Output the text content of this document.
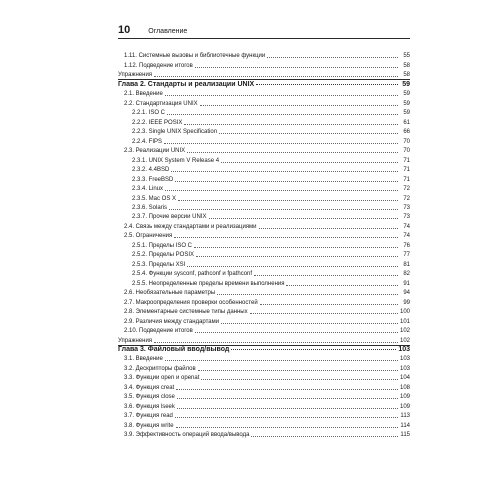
10	Оглавление
1.11. Системные вызовы и библиотечные функции	55
1.12. Подведение итогов	58
Упражнения	58
Глава 2. Стандарты и реализации UNIX	59
2.1. Введение	59
2.2. Стандартизация UNIX	59
2.2.1. ISO C	59
2.2.2. IEEE POSIX	61
2.2.3. Single UNIX Specification	66
2.2.4. FIPS	70
2.3. Реализации UNIX	70
2.3.1. UNIX System V Release 4	71
2.3.2. 4.4BSD	71
2.3.3. FreeBSD	71
2.3.4. Linux	72
2.3.5. Mac OS X	72
2.3.6. Solaris	73
2.3.7. Прочие версии UNIX	73
2.4. Связь между стандартами и реализациями	74
2.5. Ограничения	74
2.5.1. Пределы ISO C	76
2.5.2. Пределы POSIX	77
2.5.3. Пределы XSI	81
2.5.4. Функции sysconf, pathconf и fpathconf	82
2.5.5. Неопределенные пределы времени выполнения	91
2.6. Необязательные параметры	94
2.7. Макроопределения проверки особенностей	99
2.8. Элементарные системные типы данных	100
2.9. Различия между стандартами	101
2.10. Подведение итогов	102
Упражнения	102
Глава 3. Файловый ввод/вывод	103
3.1. Введение	103
3.2. Дескрипторы файлов	103
3.3. Функции open и openat	104
3.4. Функция creat	108
3.5. Функция close	109
3.6. Функция lseek	109
3.7. Функция read	113
3.8. Функция write	114
3.9. Эффективность операций ввода/вывода	115
